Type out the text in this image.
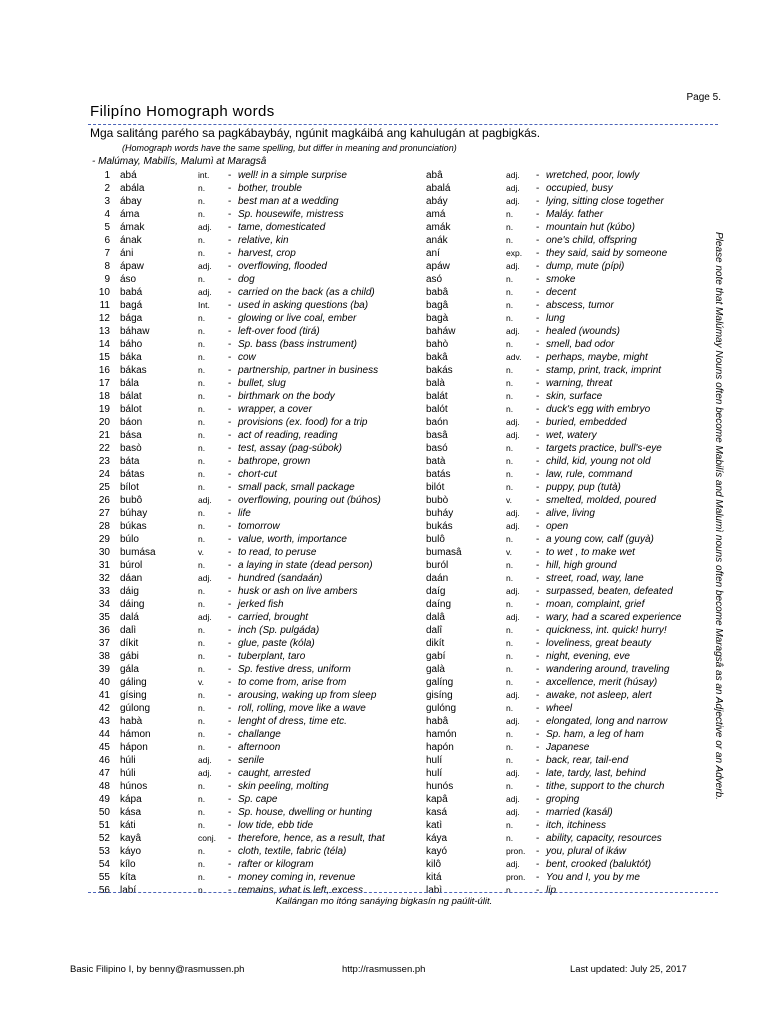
Page 5.
Filipíno Homograph words
Mga salitáng parého sa pagkábaybáy, ngúnit magkáibá ang kahulugán at pagbigkás.
(Homograph words have the same spelling, but differ in meaning and pronunciation)
- Malúmay, Mabilís, Malumì at Maragsâ
1 abá	int. - well! in a simple surprise	abâ	adj. - wretched, poor, lowly
2 abála	n. - bother, trouble	abalá	adj. - occupied, busy
3 ábay	n. - best man at a wedding	abáy	adj. - lying, sitting close together
4 áma	n. - Sp. housewife, mistress	amá	n. - Maláy. father
5 ámak	adj. - tame, domesticated	amák	n. - mountain hut (kúbo)
6 ának	n. - relative, kin	anák	n. - one's child, offspring
7 áni	n. - harvest, crop	aní	exp. - they said, said by someone
8 ápaw	adj. - overflowing, flooded	apáw	adj. - dump, mute (pípi)
9 áso	n. - dog	asó	n. - smoke
10 babá	adj. - carried on the back (as a child)	babâ	n. - decent
11 bagá	Int. - used in asking questions (ba)	bagâ	n. - abscess, tumor
12 bága	n. - glowing or live coal, ember	bagà	n. - lung
13 báhaw	n. - left-over food (tirá)	baháw	adj. - healed (wounds)
14 báho	n. - Sp. bass (bass instrument)	bahò	n. - smell, bad odor
15 báka	n. - cow	bakâ	adv. - perhaps, maybe, might
16 bákas	n. - partnership, partner in business	bakás	n. - stamp, print, track, imprint
17 bála	n. - bullet, slug	balà	n. - warning, threat
18 bálat	n. - birthmark on the body	balát	n. - skin, surface
19 bálot	n. - wrapper, a cover	balót	n. - duck's egg with embryo
20 báon	n. - provisions (ex. food) for a trip	baón	adj. - buried, embedded
21 bása	n. - act of reading, reading	basâ	adj. - wet, watery
22 basò	n. - test, assay (pag-súbok)	basó	n. - targets practice, bull's-eye
23 báta	n. - bathrope, grown	batà	n. - child, kid, young not old
24 bátas	n. - chort-cut	batás	n. - law, rule, command
25 bílot	n. - small pack, small package	bilót	n. - puppy, pup (tutà)
26 bubô	adj. - overflowing, pouring out (búhos)	bubò	v. - smelted, molded, poured
27 búhay	n. - life	buháy	adj. - alive, living
28 búkas	n. - tomorrow	bukás	adj. - open
29 búlo	n. - value, worth, importance	bulô	n. - a young cow, calf (guyà)
30 bumása	v. - to read, to peruse	bumasâ	v. - to wet , to make wet
31 búrol	n. - a laying in state (dead person)	buról	n. - hill, high ground
32 dáan	adj. - hundred (sandaán)	daán	n. - street, road, way, lane
33 dáig	n. - husk or ash on live ambers	daíg	adj. - surpassed, beaten, defeated
34 dáing	n. - jerked fish	daíng	n. - moan, complaint, grief
35 dalá	adj. - carried, brought	dalâ	adj. - wary, had a scared experience
36 dalì	n. - inch (Sp. pulgáda)	dalî	n. - quickness, int. quick! hurry!
37 díkit	n. - glue, paste (kóla)	dikít	n. - loveliness, great beauty
38 gábi	n. - tuberplant, taro	gabí	n. - night, evening, eve
39 gála	n. - Sp. festive dress, uniform	galà	n. - wandering around, traveling
40 gáling	v. - to come from, arise from	galíng	n. - axcellence, merit (húsay)
41 gísing	n. - arousing, waking up from sleep	gisíng	adj. - awake, not asleep, alert
42 gúlong	n. - roll, rolling, move like a wave	gulóng	n. - wheel
43 habà	n. - lenght of dress, time etc.	habâ	adj. - elongated, long and narrow
44 hámon	n. - challange	hamón	n. - Sp. ham, a leg of ham
45 hápon	n. - afternoon	hapón	n. - Japanese
46 húli	adj. - senile	hulí	n. - back, rear, tail-end
47 húli	adj. - caught, arrested	hulí	adj. - late, tardy, last, behind
48 húnos	n. - skin peeling, molting	hunós	n. - tithe, support to the church
49 kápa	n. - Sp. cape	kapâ	adj. - groping
50 kása	n. - Sp. house, dwelling or hunting	kasá	adj. - married (kasál)
51 káti	n. - low tide, ebb tide	katì	n. - itch, itchiness
52 kayâ	conj. - therefore, hence, as a result, that	káya	n. - ability, capacity, resources
53 káyo	n. - cloth, textile, fabric (téla)	kayó	pron. - you, plural of ikáw
54 kílo	n. - rafter or kilogram	kilô	adj. - bent, crooked (baluktót)
55 kíta	n. - money coming in, revenue	kitá	pron. - You and I, you by me
56 labí	n. - remains, what is left, excess	labì	n. - lip
Kailángan mo itóng sanáying bigkasín ng paúlit-úlit.
Please note that Malúmay Nouns often become Mabilís and Malumì nouns often become Maragsâ as an Adjective or an Adverb.
Basic Filipino I, by benny@rasmussen.ph	http://rasmussen.ph	Last updated: July 25, 2017
